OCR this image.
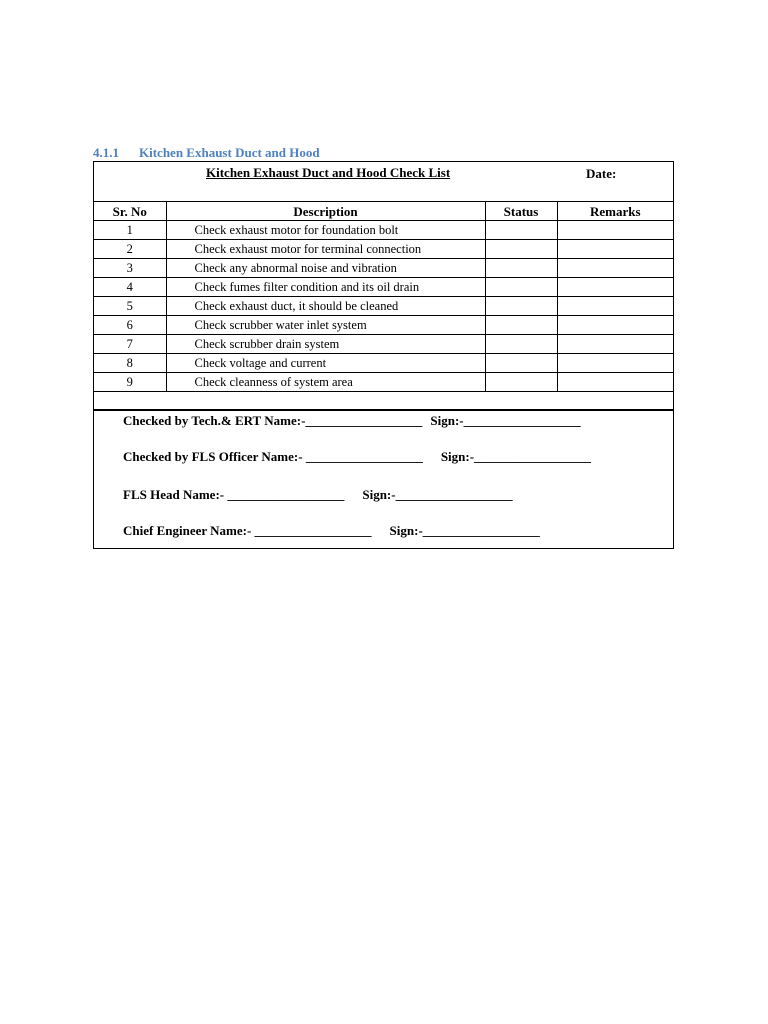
4.1.1 Kitchen Exhaust Duct and Hood
Kitchen Exhaust Duct and Hood Check List	Date:
Sr. No	Description	Status	Remarks
1	Check exhaust motor for foundation bolt		
2	Check exhaust motor for terminal connection		
3	Check any abnormal noise and vibration		
4	Check fumes filter condition and its oil drain		
5	Check exhaust duct, it should be cleaned		
6	Check scrubber water inlet system		
7	Check scrubber drain system		
8	Check voltage and current		
9	Check cleanness of system area		

Checked by Tech.& ERT Name:-__________________ Sign:-__________________
Checked by FLS Officer Name:- __________________ Sign:-__________________
FLS Head Name:- __________________ Sign:-__________________
Chief Engineer Name:- __________________ Sign:-__________________
